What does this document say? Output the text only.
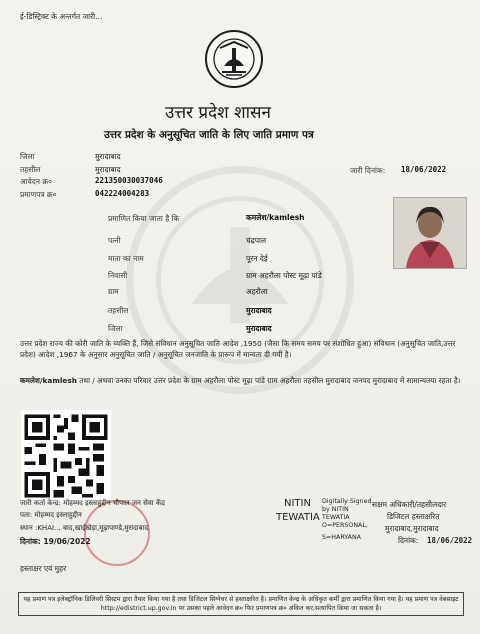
ई-डिस्ट्रिक्ट के अन्तर्गत जारी...
उत्तर प्रदेश शासन
उत्तर प्रदेश के अनुसूचित जाति के लिए जाति प्रमाण पत्र
जिला	मुरादाबाद
तहसील	मुरादाबाद
आवेदन क्र०	221350030037046
प्रमाणपत्र क्र०	042224004283
जारी दिनांक: 18/06/2022
प्रमाणित किया जाता है कि	कमलेश/kamlesh
पत्नी	चंद्रपाल
माता का नाम	पूरन देई
निवासी	ग्राम अहरौला पोस्ट मूढ़ा पांडे
ग्राम	अहरौला
तहसील	मुरादाबाद
जिला	मुरादाबाद
उत्तर प्रदेश राज्य की कोरी जाति के व्यक्ति हैं, जिसे संविधान अनुसूचित जाति आदेश ,1950 (जैसा कि समय समय पर संशोधित हुआ) संविधान (अनुसूचित जाति,उत्तर प्रदेश) आदेश ,1967 के अनुसार अनुसूचित जाति / अनुसूचित जनजाति के प्रारूप में मान्यता दी गयी है।
कमलेश/kamlesh तथा / अथवा उनका परिवार उत्तर प्रदेश के ग्राम अहरौला पोस्ट मूढ़ा पांडे ग्राम अहरौला तहसील मुरादाबाद जनपद मुरादाबाद में सामान्यतया रहता है।
जारी कर्ता केन्द्र: मोहम्मद इस्लाहुद्दीन चौपाल जन सेवा केंद्र
पता: मोहम्मद इस्लाहुद्दीन
स्थान :KHAI... बाद,खाईखेड़ा,मूढ़ापाण्डे,मुरादाबाद
दिनांक: 19/06/2022
NITIN
TEWATIA
Digitally Signed
by NITIN
TEWATIA
O=PERSONAL,
S=HARYANA
सक्षम अधिकारी/तहसीलदार
डिजिटल हस्ताक्षरित
मुरादाबाद,मुरादाबाद
दिनांक: 18/06/2022
हस्ताक्षर एवं मुहर
यह प्रमाण पत्र इलेक्ट्रॉनिक डिलिवरी सिस्टम द्वारा तैयार किया गया है तथा डिजिटल सिग्नेचर से हस्ताक्षरित है। प्रमाणित केन्द्र के अधिकृत कर्मी द्वारा प्रमाणित किया गया है। यह प्रमाण पत्र वेबसाइट http://edistrict.up.gov.in पर उसका पहले आवेदन क्र० फिर प्रमाणपत्र क्र० अंकित कर,सत्यापित किया जा सकता है।
